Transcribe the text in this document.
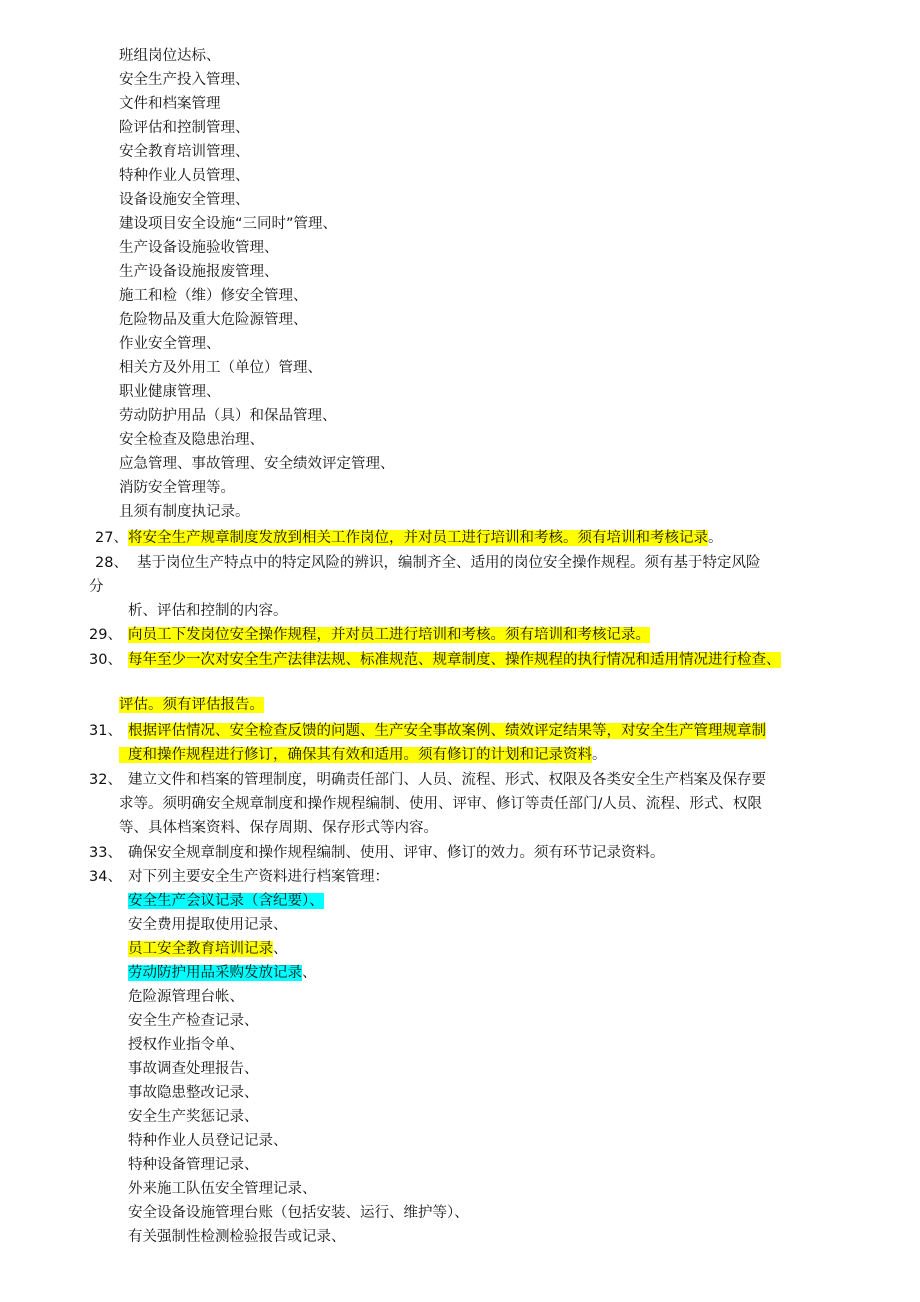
班组岗位达标、
安全生产投入管理、
文件和档案管理
险评估和控制管理、
安全教育培训管理、
特种作业人员管理、
设备设施安全管理、
建设项目安全设施“三同时”管理、
生产设备设施验收管理、
生产设备设施报废管理、
施工和检（维）修安全管理、
危险物品及重大危险源管理、
作业安全管理、
相关方及外用工（单位）管理、
职业健康管理、
劳动防护用品（具）和保品管理、
安全检查及隐患治理、
应急管理、事故管理、安全绩效评定管理、
消防安全管理等。
且须有制度执记录。
27、 将安全生产规章制度发放到相关工作岗位，并对员工进行培训和考核。须有培训和考核记录。
28、 基于岗位生产特点中的特定风险的辨识，编制齐全、适用的岗位安全操作规程。须有基于特定风险
分
析、评估和控制的内容。
29、 向员工下发岗位安全操作规程，并对员工进行培训和考核。须有培训和考核记录。
30、 每年至少一次对安全生产法律法规、标准规范、规章制度、操作规程的执行情况和适用情况进行检查、
评估。须有评估报告。
31、 根据评估情况、安全检查反馈的问题、生产安全事故案例、绩效评定结果等，对安全生产管理规章制
度和操作规程进行修订，确保其有效和适用。须有修订的计划和记录资料。
32、 建立文件和档案的管理制度，明确责任部门、人员、流程、形式、权限及各类安全生产档案及保存要
求等。须明确安全规章制度和操作规程编制、使用、评审、修订等责任部门/人员、流程、形式、权限
等、具体档案资料、保存周期、保存形式等内容。
33、 确保安全规章制度和操作规程编制、使用、评审、修订的效力。须有环节记录资料。
34、 对下列主要安全生产资料进行档案管理：
安全生产会议记录（含纪要）、
安全费用提取使用记录、
员工安全教育培训记录、
劳动防护用品采购发放记录、
危险源管理台帐、
安全生产检查记录、
授权作业指令单、
事故调查处理报告、
事故隐患整改记录、
安全生产奖惩记录、
特种作业人员登记记录、
特种设备管理记录、
外来施工队伍安全管理记录、
安全设备设施管理台账（包括安装、运行、维护等）、
有关强制性检测检验报告或记录、
